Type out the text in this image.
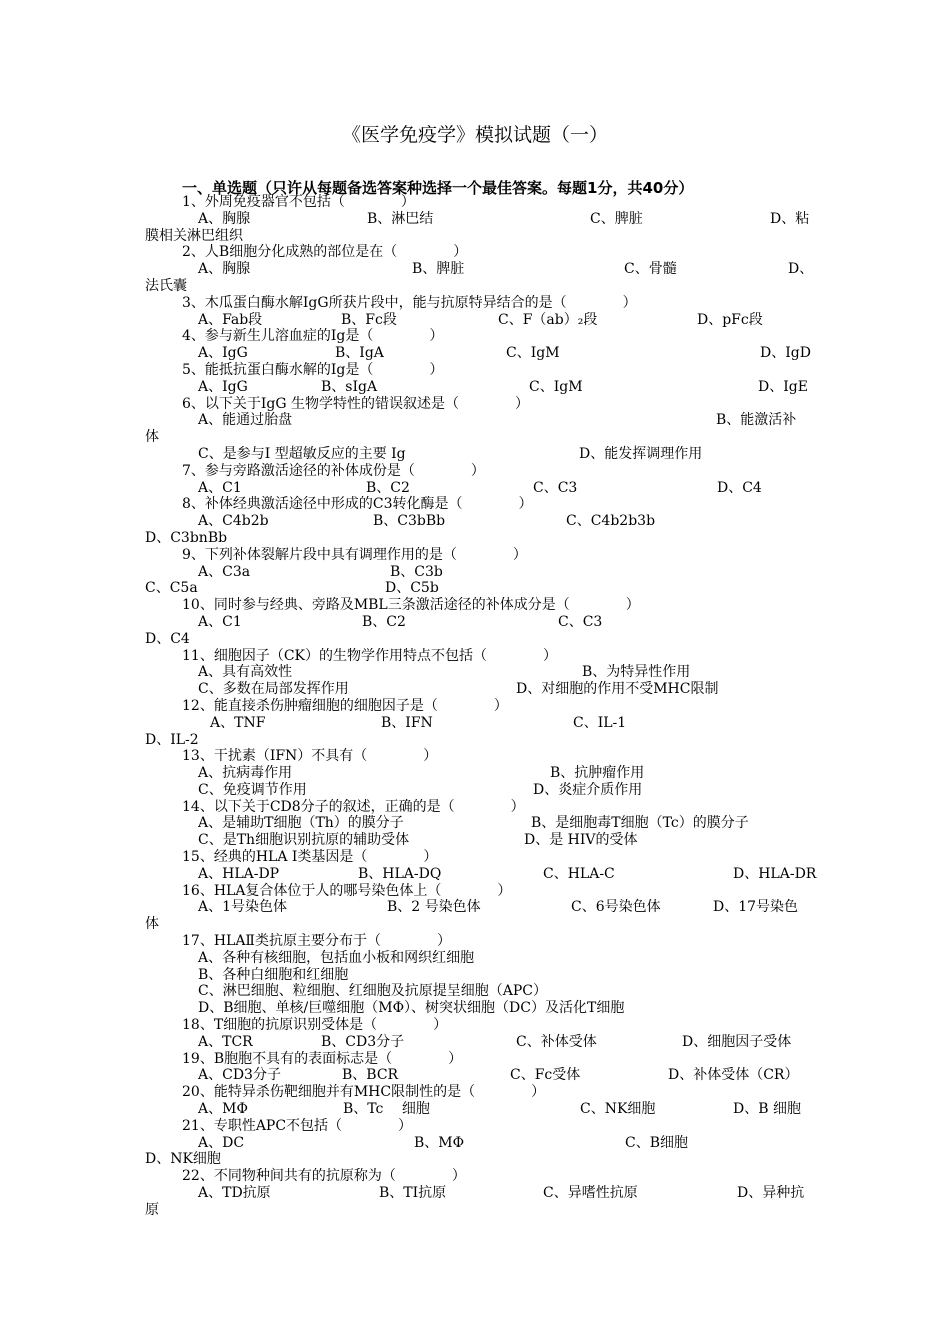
《医学免疫学》模拟试题（一）
一、单选题（只许从每题备选答案种选择一个最佳答案。每题1分，共40分）
1、外周免疫器官不包括（　　　　）
A、胸腺	B、淋巴结	C、脾脏	D、粘
膜相关淋巴组织
2、人B细胞分化成熟的部位是在（　　　　）
A、胸腺	B、脾脏	C、骨髓	D、
法氏囊
3、木瓜蛋白酶水解IgG所获片段中，能与抗原特异结合的是（　　　　）
A、Fab段	B、Fc段	C、F（ab）₂段	D、pFc段
4、参与新生儿溶血症的Ig是（　　　　）
A、IgG	B、IgA	C、IgM	D、IgD
5、能抵抗蛋白酶水解的Ig是（　　　　）
A、IgG	B、sIgA	C、IgM	D、IgE
6、以下关于IgG 生物学特性的错误叙述是（　　　　）
A、能通过胎盘	B、能激活补
体
C、是参与I 型超敏反应的主要 Ig	D、能发挥调理作用
7、参与旁路激活途径的补体成份是（　　　　）
A、C1	B、C2	C、C3	D、C4
8、补体经典激活途径中形成的C3转化酶是（　　　　）
A、C4b2b	B、C3bBb	C、C4b2b3b
D、C3bnBb
9、下列补体裂解片段中具有调理作用的是（　　　　）
A、C3a	B、C3b
C、C5a	D、C5b
10、同时参与经典、旁路及MBL三条激活途径的补体成分是（　　　　）
A、C1	B、C2	C、C3
D、C4
11、细胞因子（CK）的生物学作用特点不包括（　　　　）
A、具有高效性	B、为特异性作用
C、多数在局部发挥作用	D、对细胞的作用不受MHC限制
12、能直接杀伤肿瘤细胞的细胞因子是（　　　　）
A、TNF	B、IFN	C、IL-1
D、IL-2
13、干扰素（IFN）不具有（　　　　）
A、抗病毒作用	B、抗肿瘤作用
C、免疫调节作用	D、炎症介质作用
14、以下关于CD8分子的叙述，正确的是（　　　　）
A、是辅助T细胞（Th）的膜分子	B、是细胞毒T细胞（Tc）的膜分子
C、是Th细胞识别抗原的辅助受体	D、是 HIV的受体
15、经典的HLA I类基因是（　　　　）
A、HLA-DP	B、HLA-DQ	C、HLA-C	D、HLA-DR
16、HLA复合体位于人的哪号染色体上（　　　　）
A、1号染色体	B、2 号染色体	C、6号染色体	D、17号染色
体
17、HLAⅡ类抗原主要分布于（　　　　）
A、各种有核细胞，包括血小板和网织红细胞
B、各种白细胞和红细胞
C、淋巴细胞、粒细胞、红细胞及抗原提呈细胞（APC）
D、B细胞、单核/巨噬细胞（MΦ）、树突状细胞（DC）及活化T细胞
18、T细胞的抗原识别受体是（　　　　）
A、TCR	B、CD3分子	C、补体受体	D、细胞因子受体
19、B胞胞不具有的表面标志是（　　　　）
A、CD3分子	B、BCR	C、Fc受体	D、补体受体（CR）
20、能特异杀伤靶细胞并有MHC限制性的是（　　　　）
A、MΦ	B、Tc　 细胞	C、NK细胞	D、B 细胞
21、专职性APC不包括（　　　　）
A、DC	B、MΦ	C、B细胞
D、NK细胞
22、不同物种间共有的抗原称为（　　　　）
A、TD抗原	B、TI抗原	C、异嗜性抗原	D、异种抗
原
